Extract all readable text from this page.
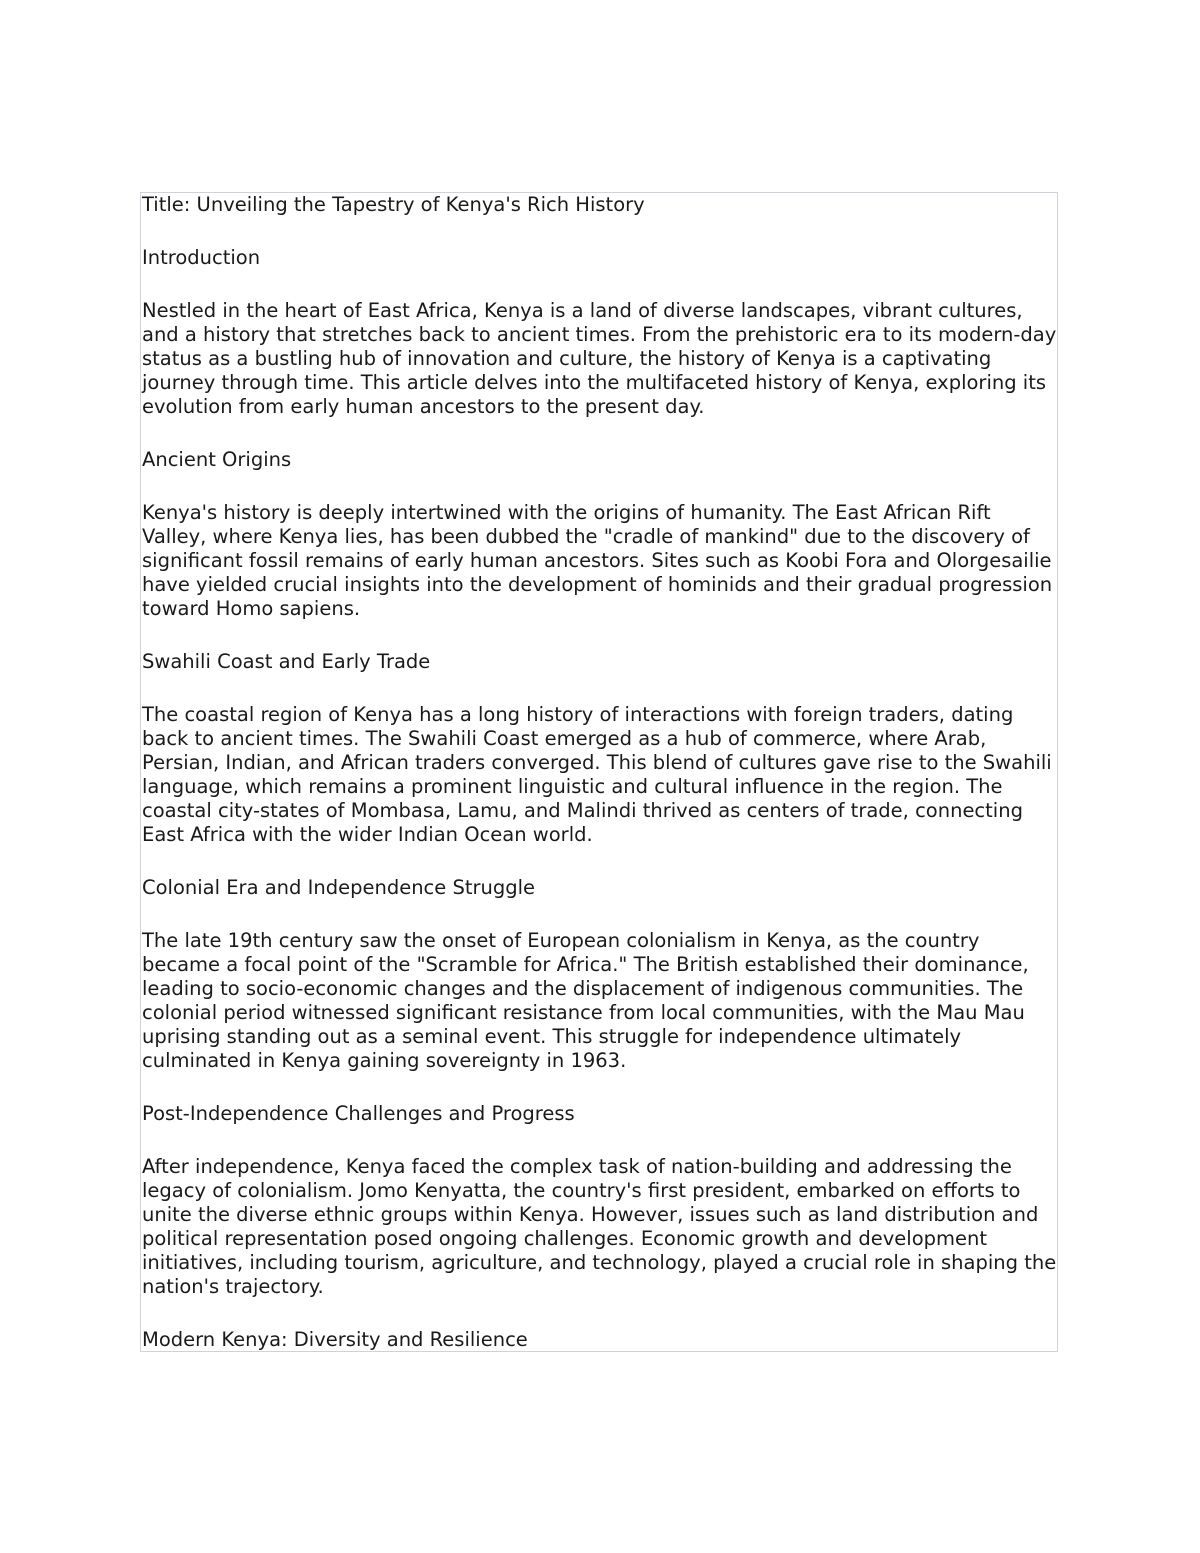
Title: Unveiling the Tapestry of Kenya's Rich History

Introduction

Nestled in the heart of East Africa, Kenya is a land of diverse landscapes, vibrant cultures, and a history that stretches back to ancient times. From the prehistoric era to its modern-day status as a bustling hub of innovation and culture, the history of Kenya is a captivating journey through time. This article delves into the multifaceted history of Kenya, exploring its evolution from early human ancestors to the present day.

Ancient Origins

Kenya's history is deeply intertwined with the origins of humanity. The East African Rift Valley, where Kenya lies, has been dubbed the "cradle of mankind" due to the discovery of significant fossil remains of early human ancestors. Sites such as Koobi Fora and Olorgesailie have yielded crucial insights into the development of hominids and their gradual progression toward Homo sapiens.

Swahili Coast and Early Trade

The coastal region of Kenya has a long history of interactions with foreign traders, dating back to ancient times. The Swahili Coast emerged as a hub of commerce, where Arab, Persian, Indian, and African traders converged. This blend of cultures gave rise to the Swahili language, which remains a prominent linguistic and cultural influence in the region. The coastal city-states of Mombasa, Lamu, and Malindi thrived as centers of trade, connecting East Africa with the wider Indian Ocean world.

Colonial Era and Independence Struggle

The late 19th century saw the onset of European colonialism in Kenya, as the country became a focal point of the "Scramble for Africa." The British established their dominance, leading to socio-economic changes and the displacement of indigenous communities. The colonial period witnessed significant resistance from local communities, with the Mau Mau uprising standing out as a seminal event. This struggle for independence ultimately culminated in Kenya gaining sovereignty in 1963.

Post-Independence Challenges and Progress

After independence, Kenya faced the complex task of nation-building and addressing the legacy of colonialism. Jomo Kenyatta, the country's first president, embarked on efforts to unite the diverse ethnic groups within Kenya. However, issues such as land distribution and political representation posed ongoing challenges. Economic growth and development initiatives, including tourism, agriculture, and technology, played a crucial role in shaping the nation's trajectory.

Modern Kenya: Diversity and Resilience
